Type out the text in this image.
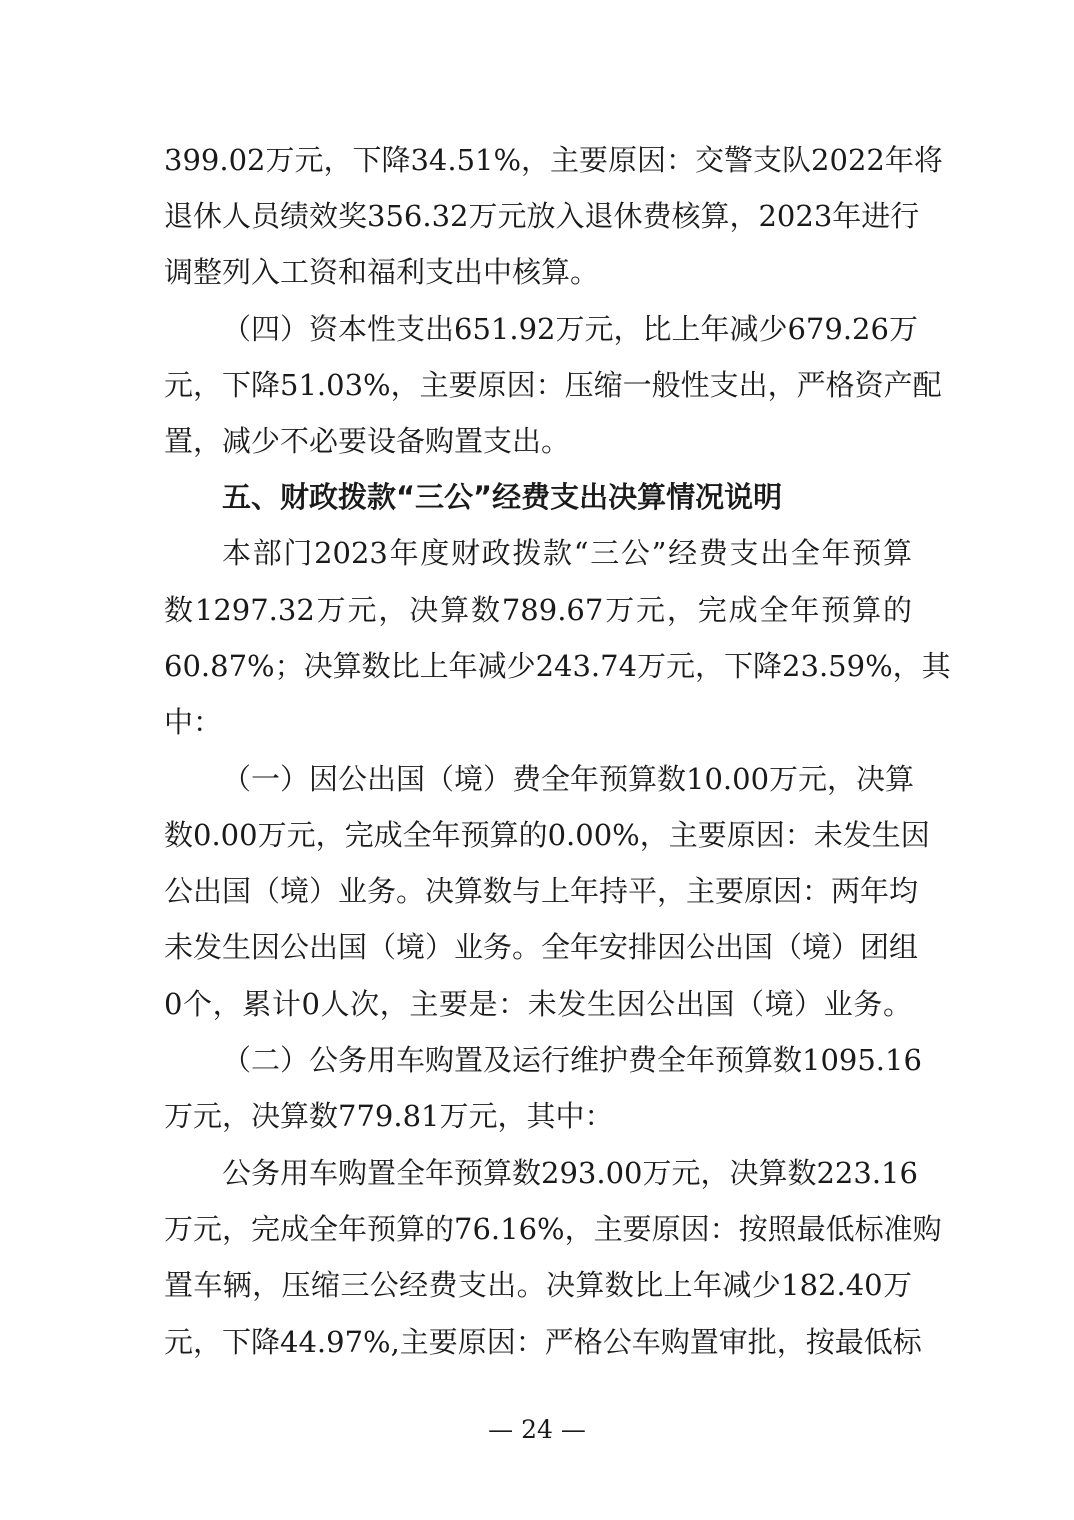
399.02万元，下降34.51%，主要原因：交警支队2022年将
退休人员绩效奖356.32万元放入退休费核算，2023年进行
调整列入工资和福利支出中核算。
（四）资本性支出651.92万元，比上年减少679.26万
元，下降51.03%，主要原因：压缩一般性支出，严格资产配
置，减少不必要设备购置支出。
五、财政拨款“三公”经费支出决算情况说明
本部门2023年度财政拨款“三公”经费支出全年预算
数1297.32万元，决算数789.67万元，完成全年预算的
60.87%；决算数比上年减少243.74万元，下降23.59%，其
中：
（一）因公出国（境）费全年预算数10.00万元，决算
数0.00万元，完成全年预算的0.00%，主要原因：未发生因
公出国（境）业务。决算数与上年持平，主要原因：两年均
未发生因公出国（境）业务。全年安排因公出国（境）团组
0个，累计0人次，主要是：未发生因公出国（境）业务。
（二）公务用车购置及运行维护费全年预算数1095.16
万元，决算数779.81万元，其中：
公务用车购置全年预算数293.00万元，决算数223.16
万元，完成全年预算的76.16%，主要原因：按照最低标准购
置车辆，压缩三公经费支出。决算数比上年减少182.40万
元，下降44.97%,主要原因：严格公车购置审批，按最低标
— 24 —
